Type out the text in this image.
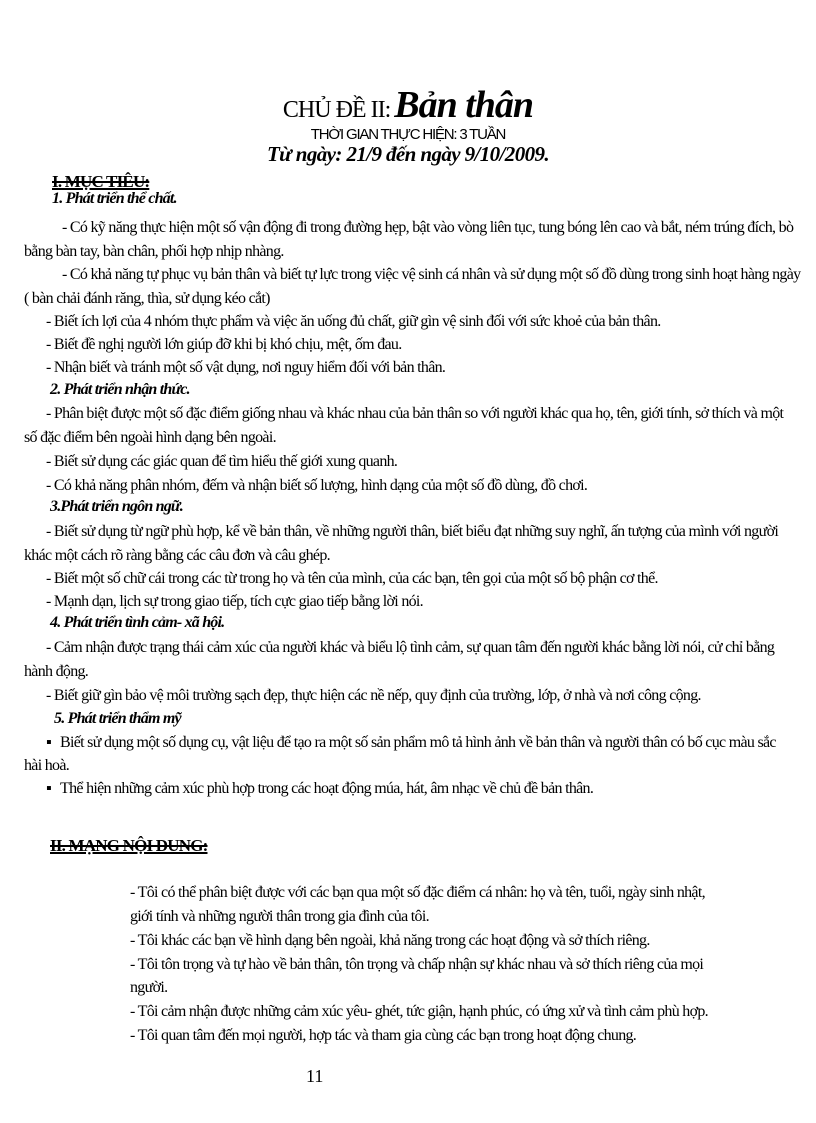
CHỦ ĐỀ II: Bản thân
THỜI GIAN THỰC HIỆN: 3 TUẦN
Từ ngày: 21/9 đến ngày 9/10/2009.
I. MỤC TIÊU:
1. Phát triển thể chất.
- Có kỹ năng thực hiện một số vận động đi trong đường hẹp, bật vào vòng liên tục, tung bóng lên cao và bắt, ném trúng đích, bò
bằng bàn tay, bàn chân, phối hợp nhịp nhàng.
- Có khả năng tự phục vụ bản thân và biết tự lực trong việc vệ sinh cá nhân và sử dụng một số đồ dùng trong sinh hoạt hàng ngày
( bàn chải đánh răng, thìa, sử dụng kéo cắt)
- Biết ích lợi của 4 nhóm thực phẩm và việc ăn uống đủ chất, giữ gìn vệ sinh đối với sức khoẻ của bản thân.
- Biết đề nghị người lớn giúp đỡ khi bị khó chịu, mệt, ốm đau.
- Nhận biết và tránh một số vật dụng, nơi nguy hiểm đối với bản thân.
2. Phát triển nhận thức.
- Phân biệt được một số đặc điểm giống nhau và khác nhau của bản thân so với người khác qua họ, tên, giới tính, sở thích và một
số đặc điểm bên ngoài hình dạng bên ngoài.
- Biết sử dụng các giác quan để tìm hiểu thế giới xung quanh.
- Có khả năng phân nhóm, đếm và nhận biết số lượng, hình dạng của một số đồ dùng, đồ chơi.
3.Phát triển ngôn ngữ.
- Biết sử dụng từ ngữ phù hợp, kể về bản thân, về những người thân, biết biểu đạt những suy nghĩ, ấn tượng của mình với người
khác một cách rõ ràng bằng các câu đơn và câu ghép.
- Biết một số chữ cái trong các từ trong họ và tên của mình, của các bạn, tên gọi của một số bộ phận cơ thể.
- Mạnh dạn, lịch sự trong giao tiếp, tích cực giao tiếp bằng lời nói.
4. Phát triển tình cảm- xã hội.
- Cảm nhận được trạng thái cảm xúc của người khác và biểu lộ tình cảm, sự quan tâm đến người khác bằng lời nói, cử chỉ bằng
hành động.
- Biết giữ gìn bảo vệ môi trường sạch đẹp, thực hiện các nề nếp, quy định của trường, lớp, ở nhà và nơi công cộng.
5. Phát triển thẩm mỹ
▪ Biết sử dụng một số dụng cụ, vật liệu để tạo ra một số sản phẩm mô tả hình ảnh về bản thân và người thân có bố cục màu sắc
hài hoà.
▪ Thể hiện những cảm xúc phù hợp trong các hoạt động múa, hát, âm nhạc về chủ đề bản thân.
II. MẠNG NỘI DUNG:
- Tôi có thể phân biệt được với các bạn qua một số đặc điểm cá nhân: họ và tên, tuổi, ngày sinh nhật,
giới tính và những người thân trong gia đình của tôi.
- Tôi khác các bạn về hình dạng bên ngoài, khả năng trong các hoạt động và sở thích riêng.
- Tôi tôn trọng và tự hào về bản thân, tôn trọng và chấp nhận sự khác nhau và sở thích riêng của mọi
người.
- Tôi cảm nhận được những cảm xúc yêu- ghét, tức giận, hạnh phúc, có ứng xử và tình cảm phù hợp.
- Tôi quan tâm đến mọi người, hợp tác và tham gia cùng các bạn trong hoạt động chung.
11
